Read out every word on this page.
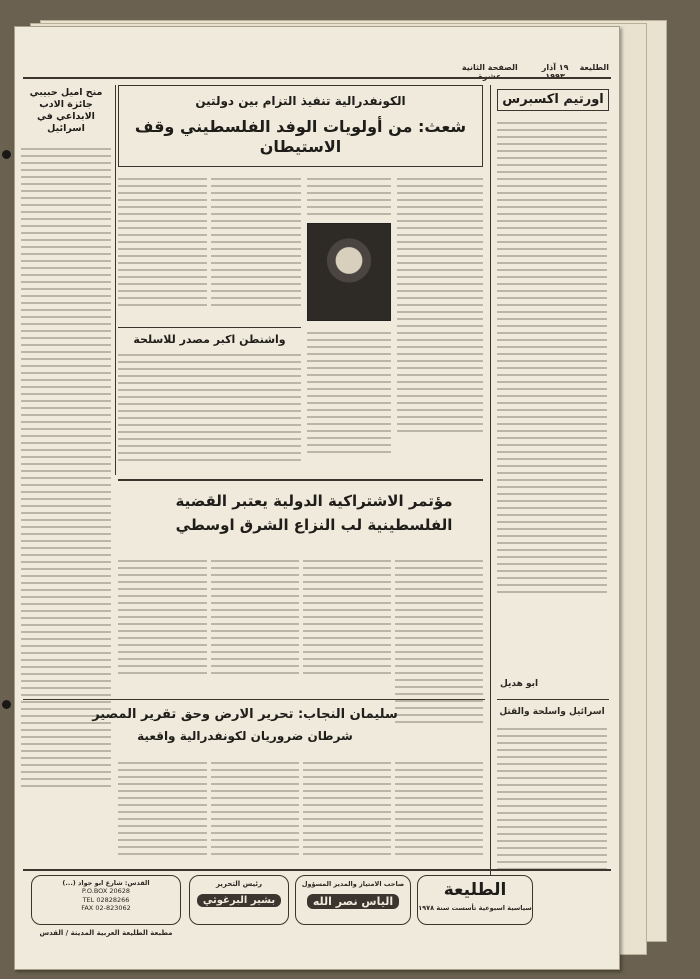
الطليعة
١٩ آذار
الصفحة الثانية
اورتيم اكسبرس
ابو هديل
اسرائيل واسلحة والقتل
الكونفدرالية تنفيذ التزام بين دولتين
شعث: من أولويات الوفد الفلسطيني وقف الاستيطان
واشنطن اكبر مصدر للاسلحة
منح اميل حبيبي جائزة الادب الابداعي في اسرائيل
مؤتمر الاشتراكية الدولية يعتبر القضية الفلسطينية لب النزاع الشرق اوسطي
سليمان النجاب: تحرير الارض وحق تقرير المصير
شرطان ضروريان لكونفدرالية واقعية
الطليعة
سياسية اسبوعية تأسست سنة ١٩٧٨
صاحب الامتياز والمدير المسؤول
الياس نصر الله
رئيس التحرير
بشير البرغوثي
القدس: شارع ابو جواد (...)
P.O.BOX 20628
TEL 02828266
FAX 02-823062
مطبعة الطليعة العربية المدينة / القدس
